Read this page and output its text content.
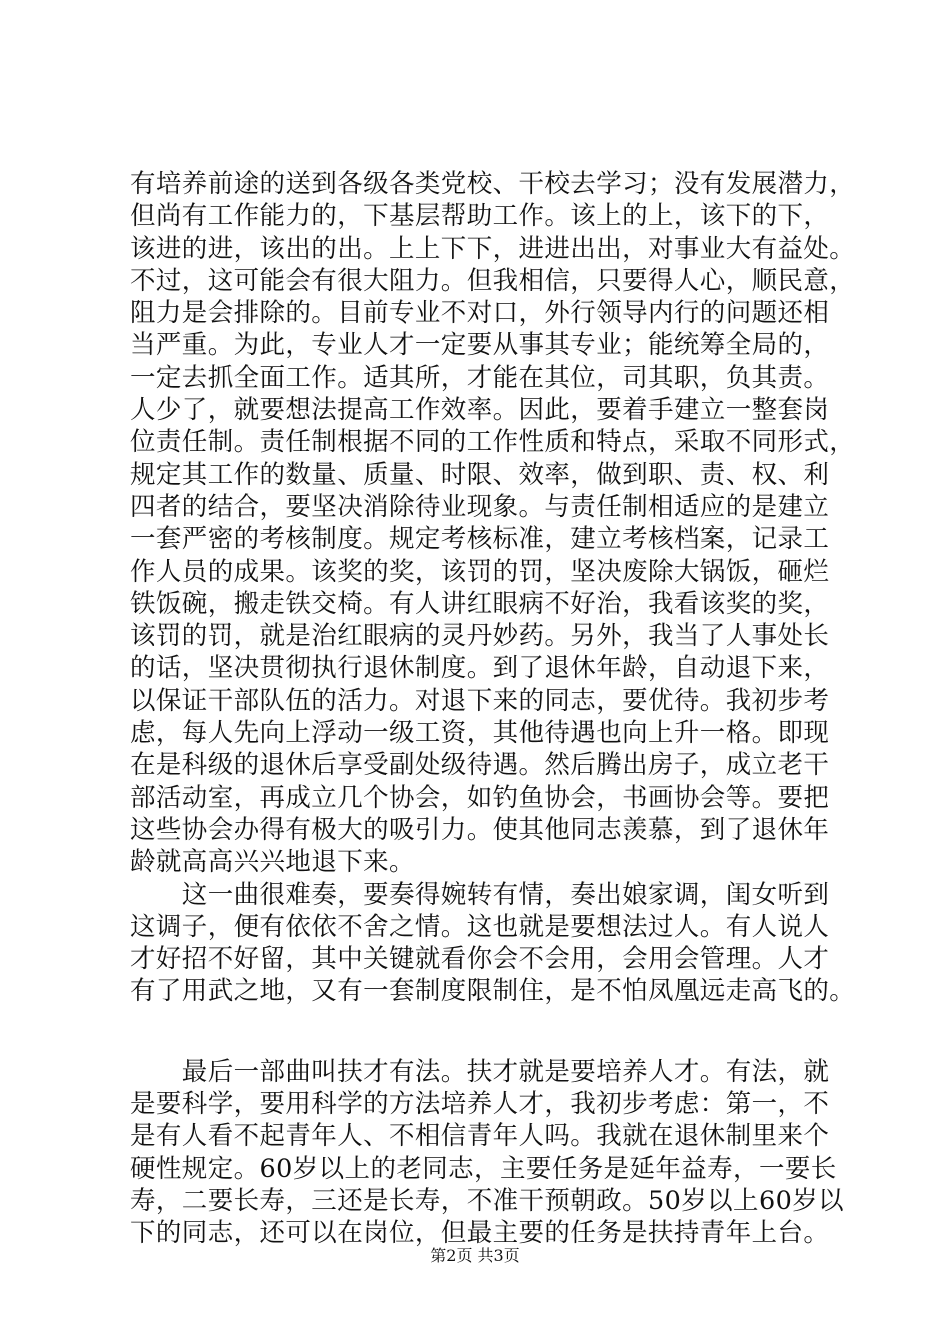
有培养前途的送到各级各类党校、干校去学习；没有发展潜力，
但尚有工作能力的，下基层帮助工作。该上的上，该下的下，
该进的进，该出的出。上上下下，进进出出，对事业大有益处。
不过，这可能会有很大阻力。但我相信，只要得人心，顺民意，
阻力是会排除的。目前专业不对口，外行领导内行的问题还相
当严重。为此，专业人才一定要从事其专业；能统筹全局的，
一定去抓全面工作。适其所，才能在其位，司其职，负其责。
人少了，就要想法提高工作效率。因此，要着手建立一整套岗
位责任制。责任制根据不同的工作性质和特点，采取不同形式，
规定其工作的数量、质量、时限、效率，做到职、责、权、利
四者的结合，要坚决消除待业现象。与责任制相适应的是建立
一套严密的考核制度。规定考核标准，建立考核档案，记录工
作人员的成果。该奖的奖，该罚的罚，坚决废除大锅饭，砸烂
铁饭碗，搬走铁交椅。有人讲红眼病不好治，我看该奖的奖，
该罚的罚，就是治红眼病的灵丹妙药。另外，我当了人事处长
的话，坚决贯彻执行退休制度。到了退休年龄，自动退下来，
以保证干部队伍的活力。对退下来的同志，要优待。我初步考
虑，每人先向上浮动一级工资，其他待遇也向上升一格。即现
在是科级的退休后享受副处级待遇。然后腾出房子，成立老干
部活动室，再成立几个协会，如钓鱼协会，书画协会等。要把
这些协会办得有极大的吸引力。使其他同志羡慕，到了退休年
龄就高高兴兴地退下来。
　　这一曲很难奏，要奏得婉转有情，奏出娘家调，闺女听到
这调子，便有依依不舍之情。这也就是要想法过人。有人说人
才好招不好留，其中关键就看你会不会用，会用会管理。人才
有了用武之地，又有一套制度限制住，是不怕凤凰远走高飞的。
　　最后一部曲叫扶才有法。扶才就是要培养人才。有法，就
是要科学，要用科学的方法培养人才，我初步考虑：第一，不
是有人看不起青年人、不相信青年人吗。我就在退休制里来个
硬性规定。60岁以上的老同志，主要任务是延年益寿，一要长
寿，二要长寿，三还是长寿，不准干预朝政。50岁以上60岁以
下的同志，还可以在岗位，但最主要的任务是扶持青年上台。
第2页 共3页
